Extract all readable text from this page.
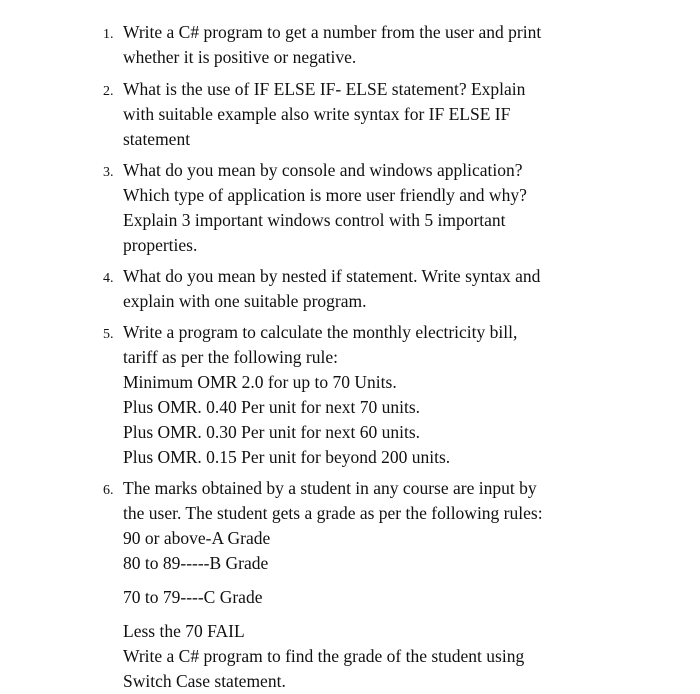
1. Write a C# program to get a number from the user and print
whether it is positive or negative.
2. What is the use of IF ELSE IF- ELSE statement? Explain
with suitable example also write syntax for IF ELSE IF
statement
3. What do you mean by console and windows application?
Which type of application is more user friendly and why?
Explain 3 important windows control with 5 important
properties.
4. What do you mean by nested if statement. Write syntax and
explain with one suitable program.
5. Write a program to calculate the monthly electricity bill,
tariff as per the following rule:
Minimum OMR 2.0 for up to 70 Units.
Plus OMR. 0.40 Per unit for next 70 units.
Plus OMR. 0.30 Per unit for next 60 units.
Plus OMR. 0.15 Per unit for beyond 200 units.
6. The marks obtained by a student in any course are input by
the user. The student gets a grade as per the following rules:
90 or above-A Grade
80 to 89-----B Grade
70 to 79----C Grade
Less the 70 FAIL
Write a C# program to find the grade of the student using
Switch Case statement.
